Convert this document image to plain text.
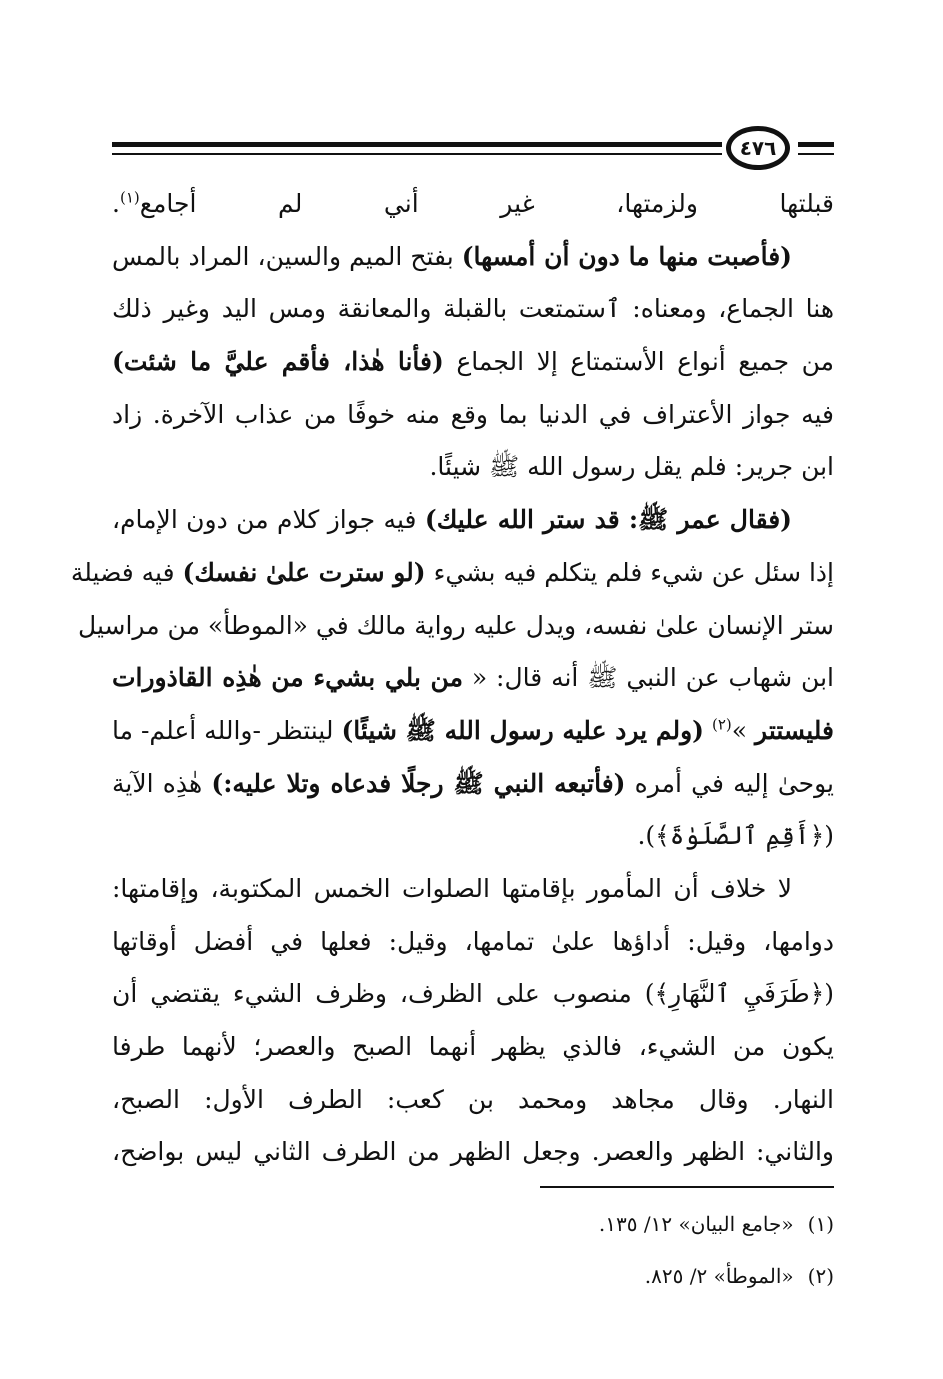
٤٧٦
قبلتها ولزمتها، غير أني لم أجامع$^{(١)}$.
(فأصبت منها ما دون أن أمسها) بفتح الميم والسين، المراد بالمس
هنا الجماع، ومعناه: ٱستمتعت بالقبلة والمعانقة ومس اليد وغير ذلك
من جميع أنواع الأستمتاع إلا الجماع (فأنا هٰذا، فأقم عليَّ ما شئت)
فيه جواز الأعتراف في الدنيا بما وقع منه خوفًا من عذاب الآخرة. زاد
ابن جرير: فلم يقل رسول الله ﷺ شيئًا.
(فقال عمر ﷺ: قد ستر الله عليك) فيه جواز كلام من دون الإمام،
إذا سئل عن شيء فلم يتكلم فيه بشيء (لو سترت علىٰ نفسك) فيه فضيلة
ستر الإنسان علىٰ نفسه، ويدل عليه رواية مالك في «الموطأ» من مراسيل
ابن شهاب عن النبي ﷺ أنه قال: « من بلي بشيء من هٰذِه القاذورات
فليستتر »$^{(٢)}$ (ولم يرد عليه رسول الله ﷺ شيئًا) لينتظر -والله أعلم- ما
يوحىٰ إليه في أمره (فأتبعه النبي ﷺ رجلًا فدعاه وتلا عليه:) هٰذِه الآية
(﴿أَقِمِ ٱلصَّلَوٰةَ﴾).
لا خلاف أن المأمور بإقامتها الصلوات الخمس المكتوبة، وإقامتها:
دوامها، وقيل: أداؤها علىٰ تمامها، وقيل: فعلها في أفضل أوقاتها
(﴿طَرَفَيِ ٱلنَّهَارِ﴾) منصوب على الظرف، وظرف الشيء يقتضي أن
يكون من الشيء، فالذي يظهر أنهما الصبح والعصر؛ لأنهما طرفا
النهار. وقال مجاهد ومحمد بن كعب: الطرف الأول: الصبح،
والثاني: الظهر والعصر. وجعل الظهر من الطرف الثاني ليس بواضح،
(١)«جامع البيان» ١٢/ ١٣٥.
(٢)«الموطأ» ٢/ ٨٢٥.
